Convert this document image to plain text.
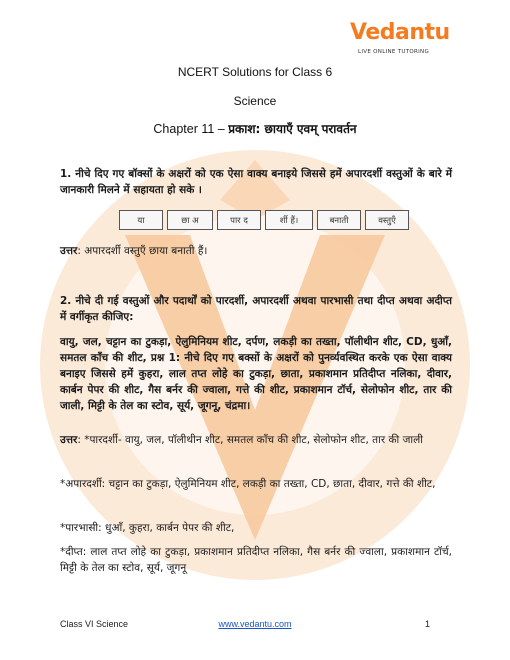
Vedantu
LIVE ONLINE TUTORING
NCERT Solutions for Class 6
Science
Chapter 11 – प्रकाश: छायाएँ एवम् परावर्तन
1. नीचे दिए गए बॉक्सों के अक्षरों को एक ऐसा वाक्य बनाइये जिससे हमें अपारदर्शी वस्तुओं के बारे में जानकारी मिलने में सहायता हो सके ।
या	छा अ	पार द	र्शी हैं।	बनाती	वस्तुएँ
उत्तर: अपारदर्शी वस्तुएँ छाया बनाती हैं।
2. नीचे दी गई वस्तुओं और पदार्थों को पारदर्शी, अपारदर्शी अथवा पारभासी तथा दीप्त अथवा अदीप्त में वर्गीकृत कीजिए:
वायु, जल, चट्टान का टुकड़ा, ऐलुमिनियम शीट, दर्पण, लकड़ी का तख्ता, पॉलीथीन शीट, CD, धुआँ, समतल काँच की शीट, प्रश्न 1: नीचे दिए गए बक्सों के अक्षरों को पुनर्व्यवस्थित करके एक ऐसा वाक्य बनाइए जिससे हमें कुहरा, लाल तप्त लोहे का टुकड़ा, छाता, प्रकाशमान प्रतिदीप्त नलिका, दीवार, कार्बन पेपर की शीट, गैस बर्नर की ज्वाला, गत्ते की शीट, प्रकाशमान टॉर्च, सेलोफोन शीट, तार की जाली, मिट्टी के तेल का स्टोव, सूर्य, जूगनू, चंद्रमा।
उत्तर: *पारदर्शी- वायु, जल, पॉलीथीन शीट, समतल काँच की शीट, सेलोफोन शीट, तार की जाली
*अपारदर्शी: चट्टान का टुकड़ा, ऐलुमिनियम शीट, लकड़ी का तख्ता, CD, छाता, दीवार, गत्ते की शीट,
*पारभासी: धुआँ, कुहरा, कार्बन पेपर की शीट,
*दीप्त: लाल तप्त लोहे का टुकड़ा, प्रकाशमान प्रतिदीप्त नलिका, गैस बर्नर की ज्वाला, प्रकाशमान टॉर्च, मिट्टी के तेल का स्टोव, सूर्य, जूगनू
Class VI Science	www.vedantu.com	1
